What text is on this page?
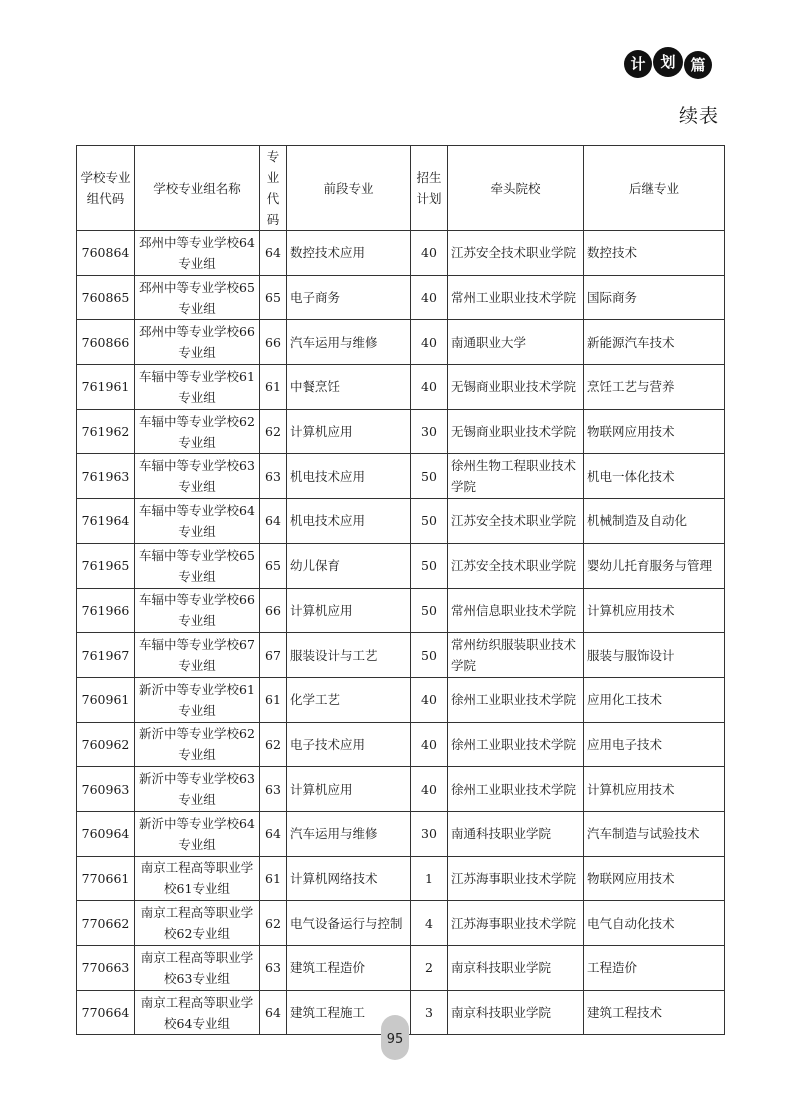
计 划 篇
续表
学校专业组代码	学校专业组名称	专业代码	前段专业	招生计划	牵头院校	后继专业
760864	邳州中等专业学校64专业组	64	数控技术应用	40	江苏安全技术职业学院	数控技术
760865	邳州中等专业学校65专业组	65	电子商务	40	常州工业职业技术学院	国际商务
760866	邳州中等专业学校66专业组	66	汽车运用与维修	40	南通职业大学	新能源汽车技术
761961	车辐中等专业学校61专业组	61	中餐烹饪	40	无锡商业职业技术学院	烹饪工艺与营养
761962	车辐中等专业学校62专业组	62	计算机应用	30	无锡商业职业技术学院	物联网应用技术
761963	车辐中等专业学校63专业组	63	机电技术应用	50	徐州生物工程职业技术学院	机电一体化技术
761964	车辐中等专业学校64专业组	64	机电技术应用	50	江苏安全技术职业学院	机械制造及自动化
761965	车辐中等专业学校65专业组	65	幼儿保育	50	江苏安全技术职业学院	婴幼儿托育服务与管理
761966	车辐中等专业学校66专业组	66	计算机应用	50	常州信息职业技术学院	计算机应用技术
761967	车辐中等专业学校67专业组	67	服装设计与工艺	50	常州纺织服装职业技术学院	服装与服饰设计
760961	新沂中等专业学校61专业组	61	化学工艺	40	徐州工业职业技术学院	应用化工技术
760962	新沂中等专业学校62专业组	62	电子技术应用	40	徐州工业职业技术学院	应用电子技术
760963	新沂中等专业学校63专业组	63	计算机应用	40	徐州工业职业技术学院	计算机应用技术
760964	新沂中等专业学校64专业组	64	汽车运用与维修	30	南通科技职业学院	汽车制造与试验技术
770661	南京工程高等职业学校61专业组	61	计算机网络技术	1	江苏海事职业技术学院	物联网应用技术
770662	南京工程高等职业学校62专业组	62	电气设备运行与控制	4	江苏海事职业技术学院	电气自动化技术
770663	南京工程高等职业学校63专业组	63	建筑工程造价	2	南京科技职业学院	工程造价
770664	南京工程高等职业学校64专业组	64	建筑工程施工	3	南京科技职业学院	建筑工程技术
95
